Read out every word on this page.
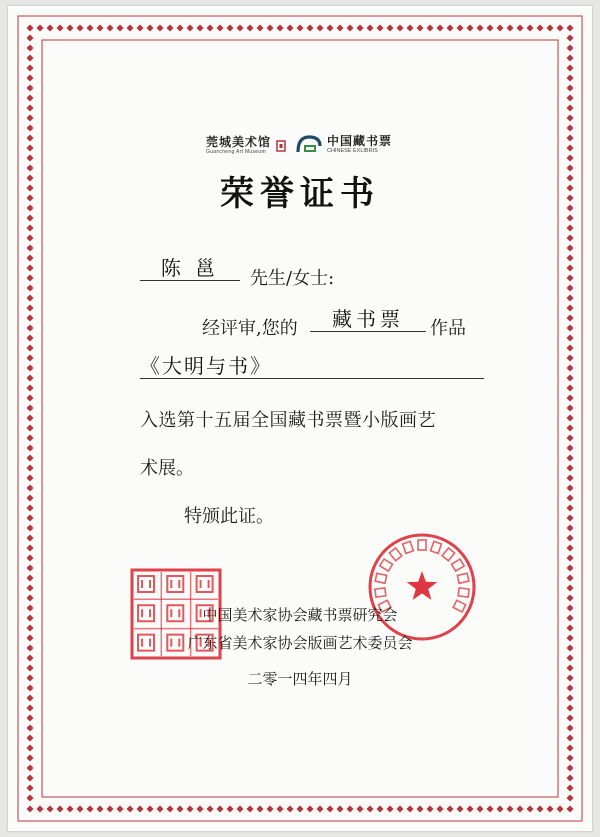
莞城美术馆
Guancheng Art Museum
中国藏书票
CHINESE EXLIBRIS
荣誉证书
陈 邕	先生/女士:
经评审,您的	藏书票	作品
《大明与书》
入选第十五届全国藏书票暨小版画艺
术展。
特颁此证。
中国美术家协会藏书票研究会
广东省美术家协会版画艺术委员会
二零一四年四月
